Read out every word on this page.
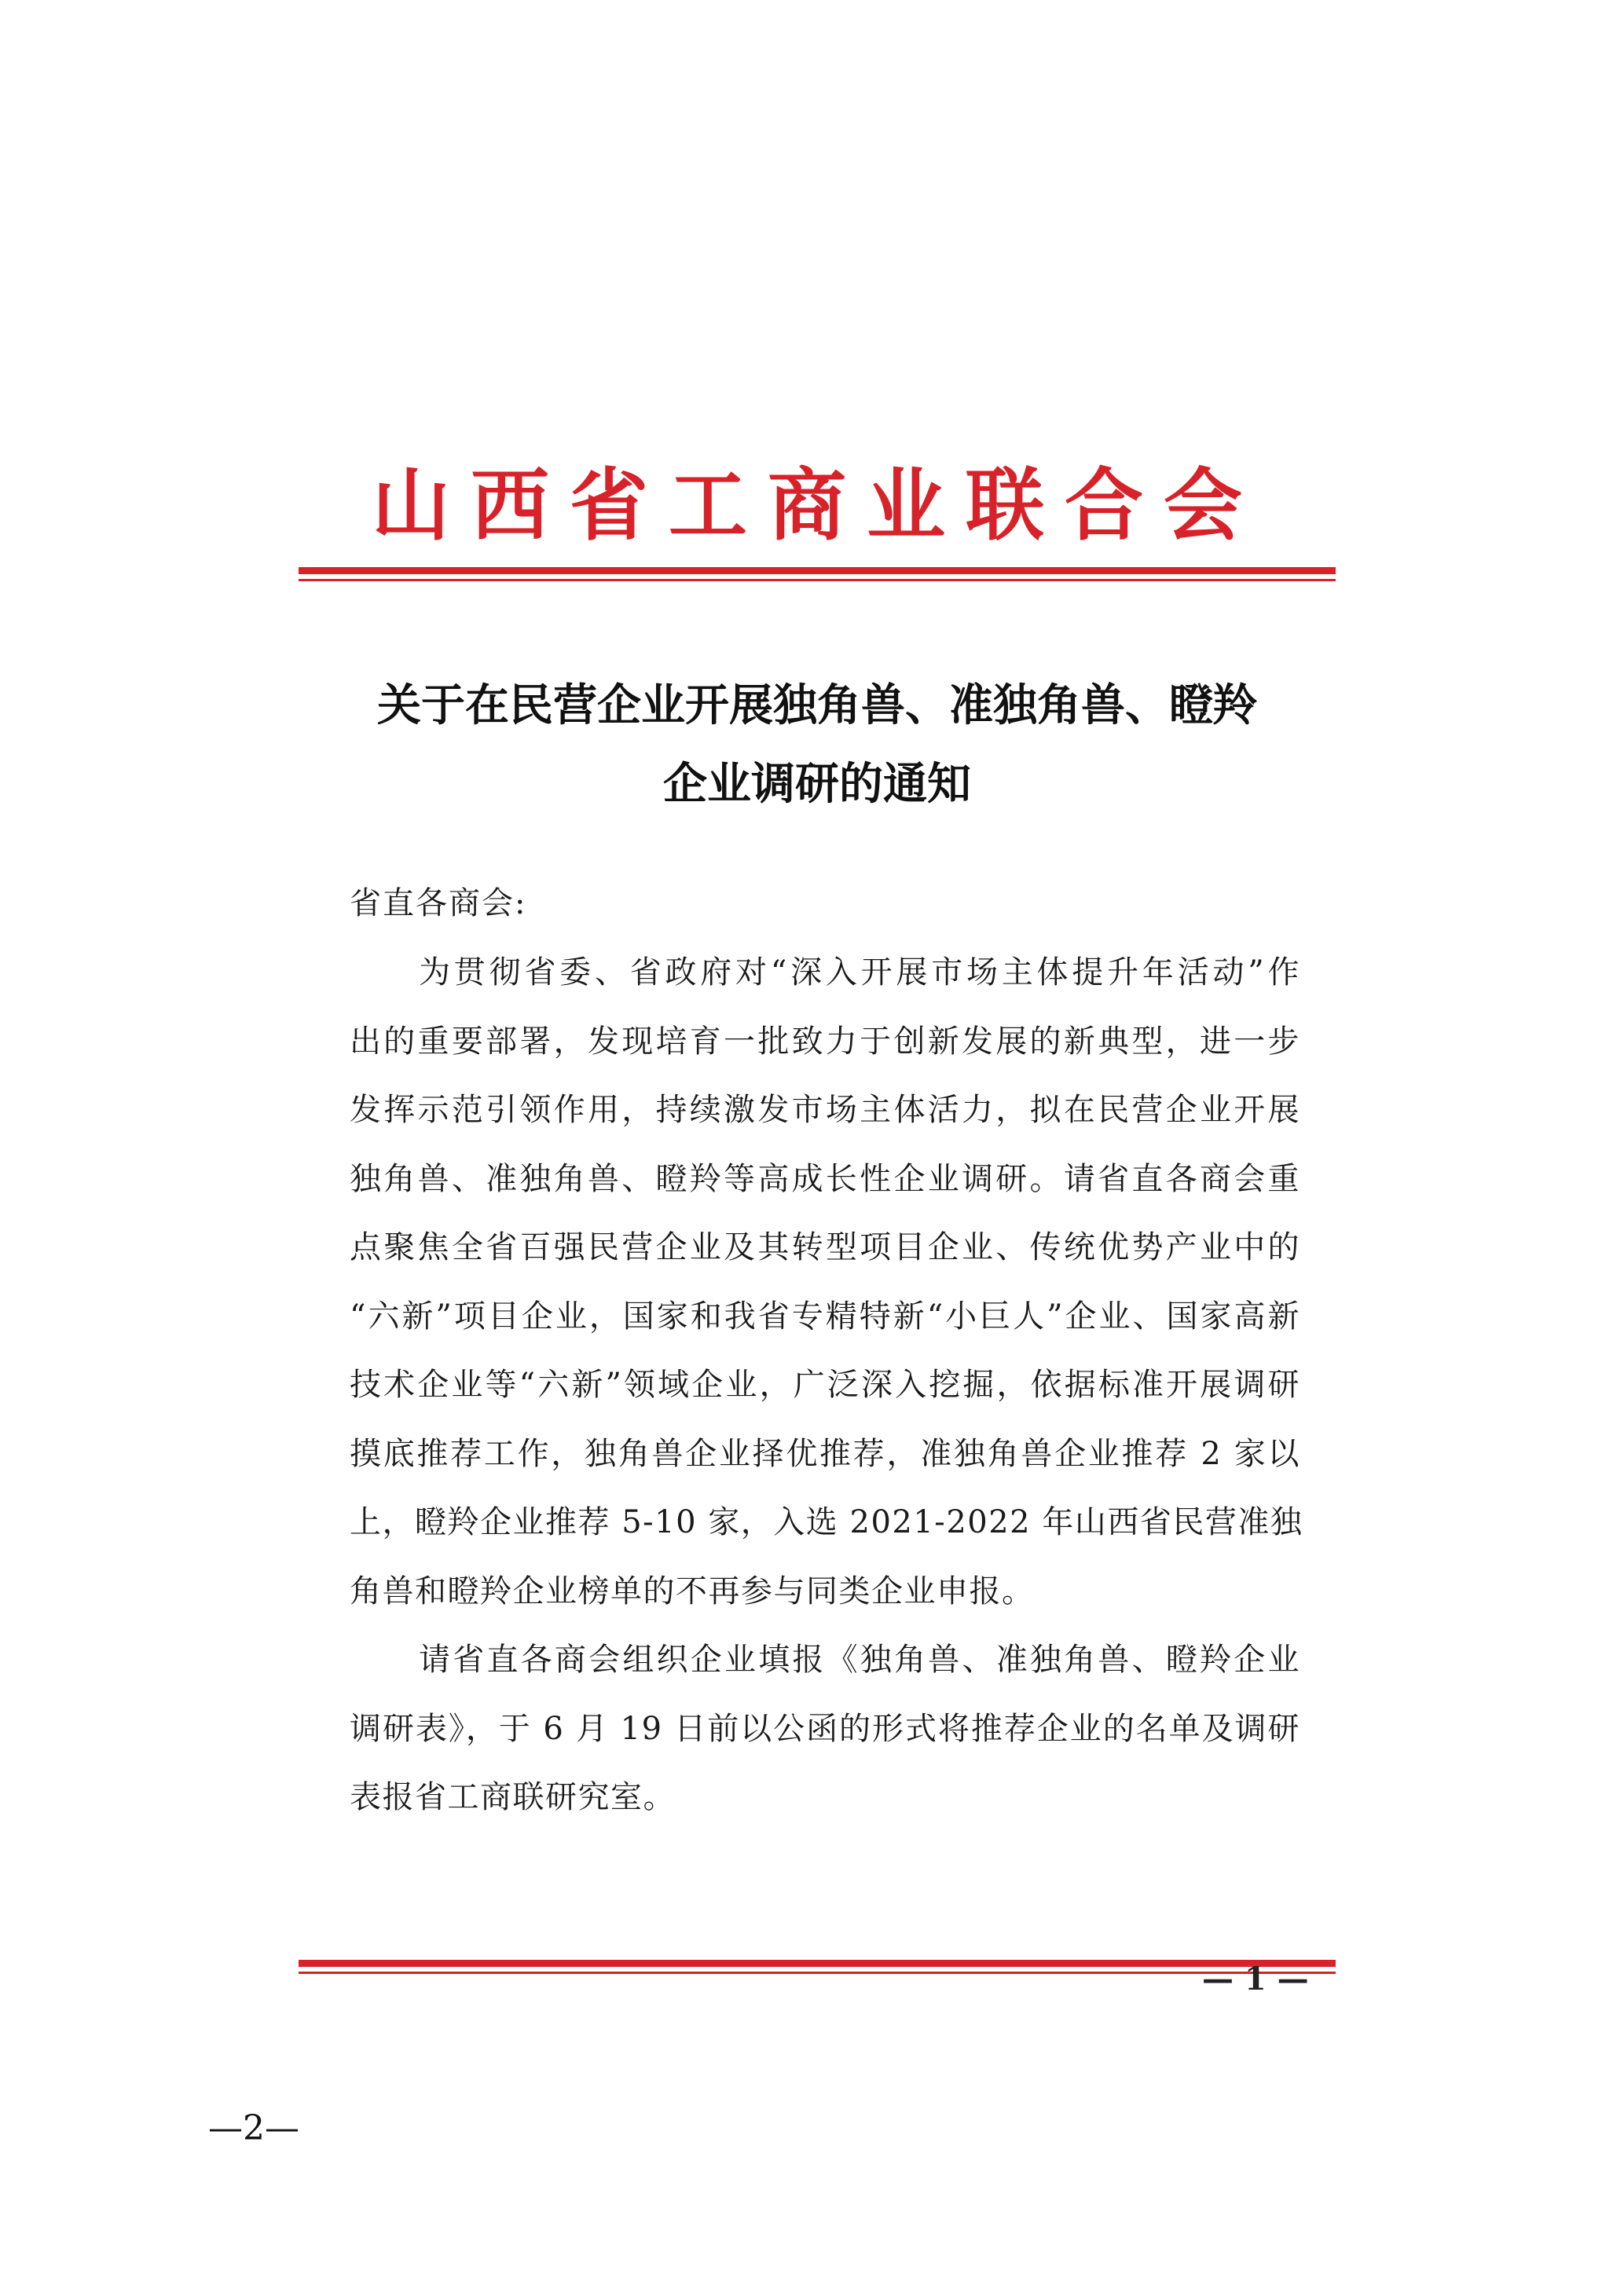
山西省工商业联合会
关于在民营企业开展独角兽、准独角兽、瞪羚
企业调研的通知
省直各商会:
为贯彻省委、省政府对“深入开展市场主体提升年活动”作
出的重要部署，发现培育一批致力于创新发展的新典型，进一步
发挥示范引领作用，持续激发市场主体活力，拟在民营企业开展
独角兽、准独角兽、瞪羚等高成长性企业调研。请省直各商会重
点聚焦全省百强民营企业及其转型项目企业、传统优势产业中的
“六新”项目企业，国家和我省专精特新“小巨人”企业、国家高新
技术企业等“六新”领域企业，广泛深入挖掘，依据标准开展调研
摸底推荐工作，独角兽企业择优推荐，准独角兽企业推荐 2 家以
上，瞪羚企业推荐 5-10 家，入选 2021-2022 年山西省民营准独
角兽和瞪羚企业榜单的不再参与同类企业申报。
请省直各商会组织企业填报《独角兽、准独角兽、瞪羚企业
调研表》，于 6 月 19 日前以公函的形式将推荐企业的名单及调研
表报省工商联研究室。
— 1 —
—2—
